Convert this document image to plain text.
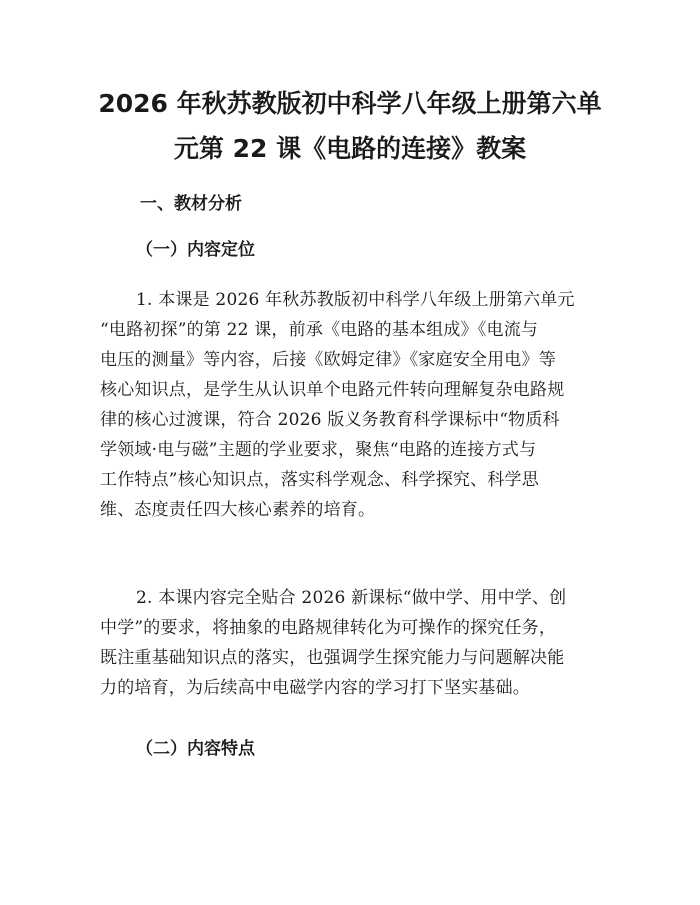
2026 年秋苏教版初中科学八年级上册第六单
元第 22 课《电路的连接》教案
一、教材分析
（一）内容定位

1. 本课是 2026 年秋苏教版初中科学八年级上册第六单元
“电路初探”的第 22 课，前承《电路的基本组成》《电流与
电压的测量》等内容，后接《欧姆定律》《家庭安全用电》等
核心知识点，是学生从认识单个电路元件转向理解复杂电路规
律的核心过渡课，符合 2026 版义务教育科学课标中“物质科
学领域·电与磁”主题的学业要求，聚焦“电路的连接方式与
工作特点”核心知识点，落实科学观念、科学探究、科学思
维、态度责任四大核心素养的培育。

2. 本课内容完全贴合 2026 新课标“做中学、用中学、创
中学”的要求，将抽象的电路规律转化为可操作的探究任务，
既注重基础知识点的落实，也强调学生探究能力与问题解决能
力的培育，为后续高中电磁学内容的学习打下坚实基础。

（二）内容特点
